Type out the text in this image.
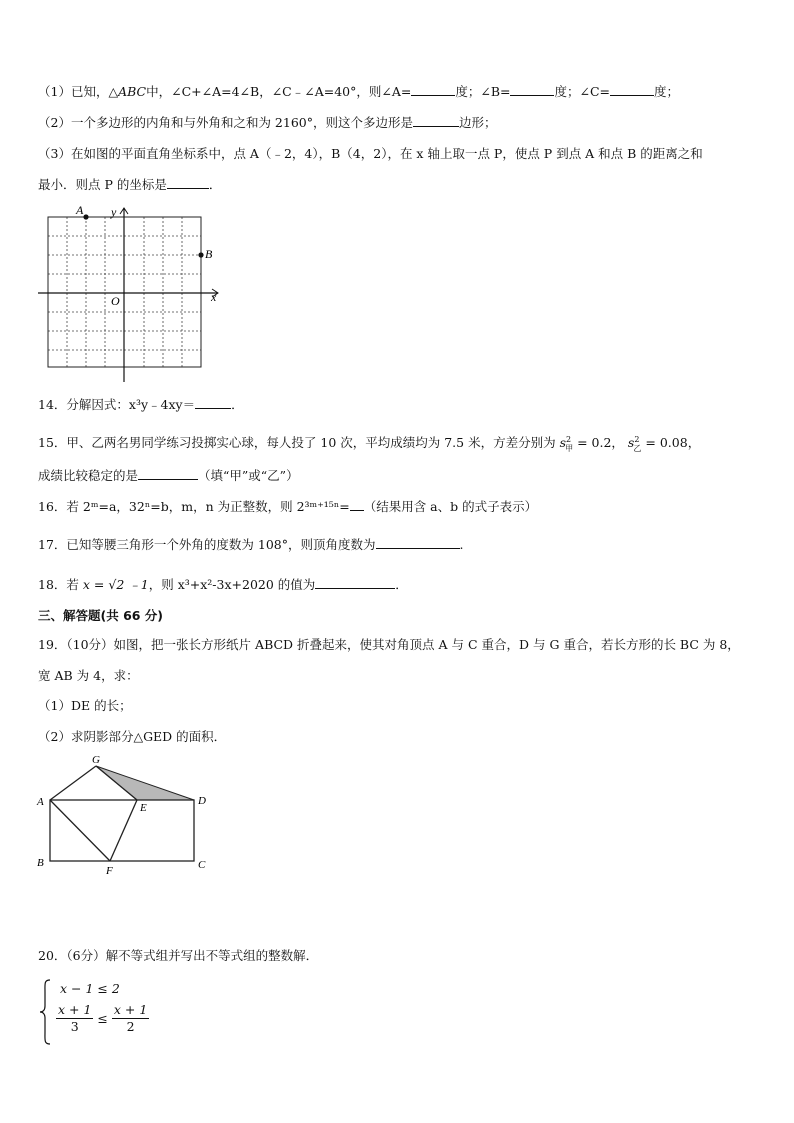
（1）已知，△ABC中，∠C+∠A=4∠B，∠C﹣∠A=40°，则∠A=	度；∠B=	度；∠C=	度；
（2）一个多边形的内角和与外角和之和为 2160°，则这个多边形是	边形；
（3）在如图的平面直角坐标系中，点 A（﹣2，4），B（4，2），在 x 轴上取一点 P，使点 P 到点 A 和点 B 的距离之和
最小．则点 P 的坐标是	．
A
B
O	x
y
14．分解因式：x³y﹣4xy＝	．
15．甲、乙两名男同学练习投掷实心球，每人投了 10 次，平均成绩均为 7.5 米，方差分别为 $s^2_甲 = 0.2$， $s^2_乙 = 0.08$，
成绩比较稳定的是	（填“甲”或“乙”）
16．若 2ᵐ=a，32ⁿ=b，m，n 为正整数，则 2³ᵐ⁺¹⁵ⁿ= （结果用含 a、b 的式子表示）
17．已知等腰三角形一个外角的度数为 108°，则顶角度数为	.
18．若 x = √2 ﹣1，则 x³+x²-3x+2020 的值为	．
三、解答题(共 66 分)
19．（10分）如图，把一张长方形纸片 ABCD 折叠起来，使其对角顶点 A 与 C 重合，D 与 G 重合，若长方形的长 BC 为 8，
宽 AB 为 4，求：
（1）DE 的长；
（2）求阴影部分△GED 的面积．
G
A	E
D
B
F	C
20．（6分）解不等式组并写出不等式组的整数解．
x − 1 ≤ 2
$\frac{x + 1}{3} \le \frac{x + 1}{2}$
